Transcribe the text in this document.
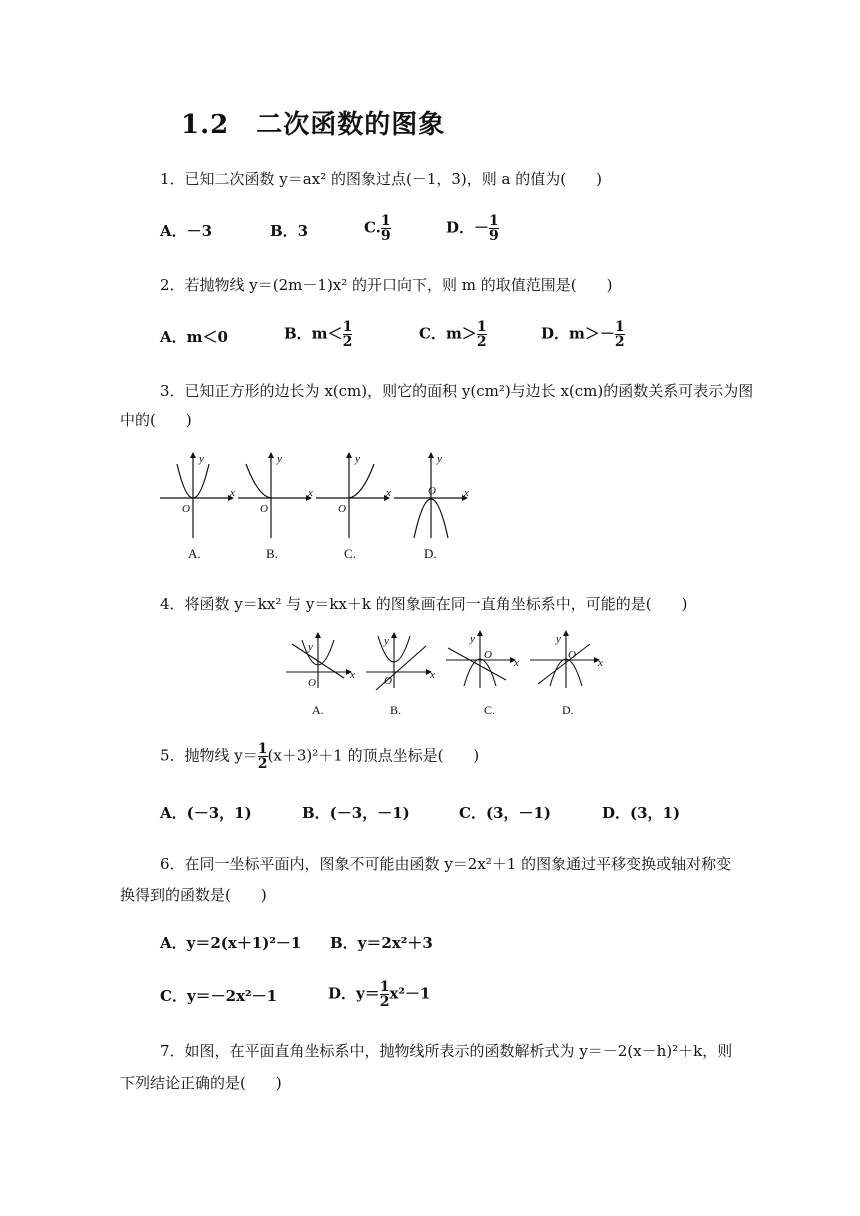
1.2　二次函数的图象
1．已知二次函数 y＝ax² 的图象过点(－1，3)，则 a 的值为(　　)
A．－3	B．3	C. $\frac{1}{9}$	D．－ $\frac{1}{9}$
2．若抛物线 y＝(2m－1)x² 的开口向下，则 m 的取值范围是(　　)
A．m＜0	B．$m< \frac{1}{2}$	C．$m> \frac{1}{2}$	D．$m>- \frac{1}{2}$
3．已知正方形的边长为 x(cm)，则它的面积 y(cm²)与边长 x(cm)的函数关系可表示为图
中的(　　)
y
x
O
y
x
O
y
x
O
y
x
O
A.	B.	C.	D.
4．将函数 y＝kx² 与 y＝kx＋k 的图象画在同一直角坐标系中，可能的是(　　)
y
x
O
y
x
O
y
x
O
y
x
O
A.	B.	C.	D.
5．抛物线 $y= \frac{1}{2} (x+3)^2+1$ 的顶点坐标是(　　)
A．(－3，1)	B．(－3，－1)	C．(3，－1)	D．(3，1)
6．在同一坐标平面内，图象不可能由函数 y＝2x²＋1 的图象通过平移变换或轴对称变
换得到的函数是(　　)
A．y＝2(x＋1)²－1 B．y＝2x²＋3
C．y＝－2x²－1	D．$y= \frac{1}{2} x^2-1$
7．如图，在平面直角坐标系中，抛物线所表示的函数解析式为 y＝－2(x－h)²＋k，则
下列结论正确的是(　　)
